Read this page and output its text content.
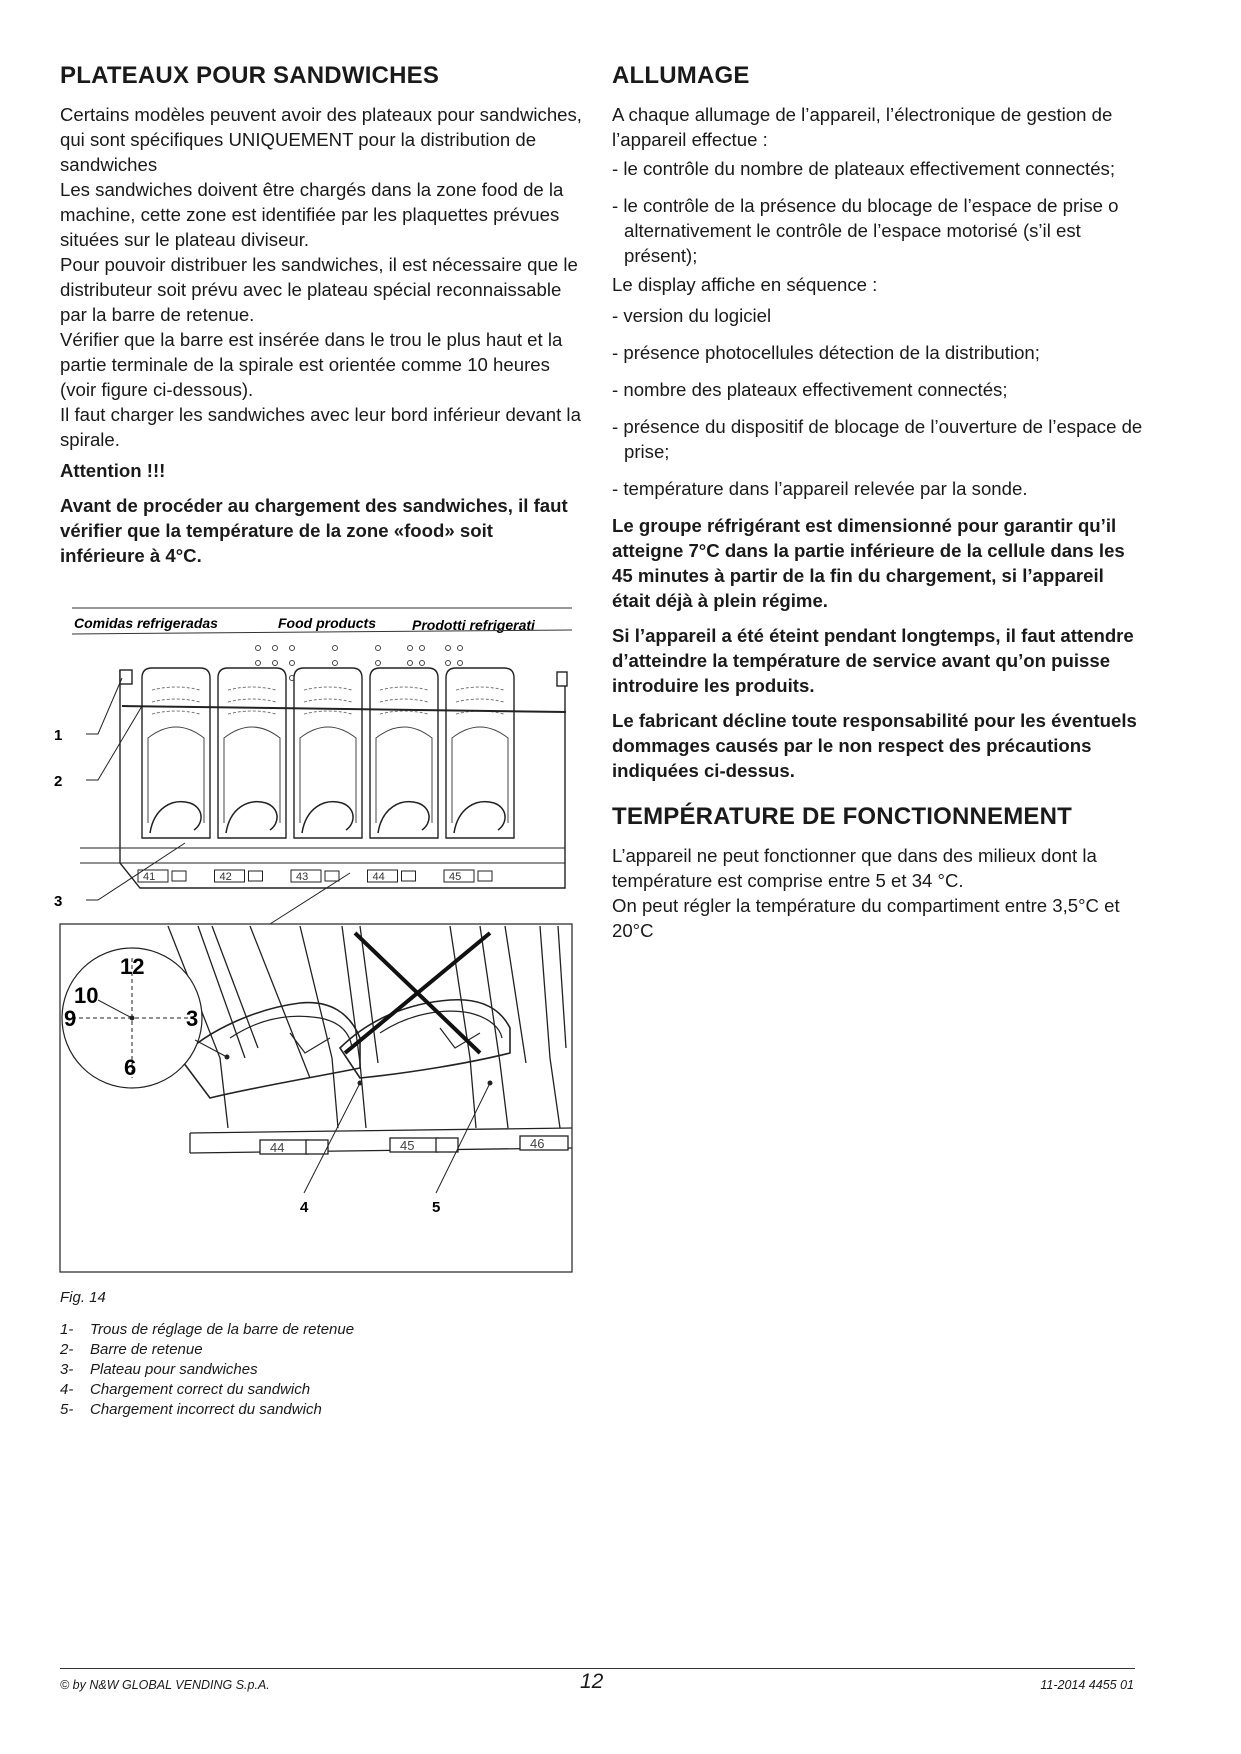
PLATEAUX POUR SANDWICHES

Certains modèles peuvent avoir des plateaux pour sandwiches, qui sont spécifiques UNIQUEMENT pour la distribution de sandwiches

Les sandwiches doivent être chargés dans la zone food de la machine, cette zone est identifiée par les plaquettes prévues situées sur le plateau diviseur.

Pour pouvoir distribuer les sandwiches, il est nécessaire que le distributeur soit prévu avec le plateau spécial reconnaissable par la barre de retenue.

Vérifier que la barre est insérée dans le trou le plus haut et la partie terminale de la spirale est orientée comme 10 heures (voir figure ci-dessous).

Il faut charger les sandwiches avec leur bord inférieur devant la spirale.

Attention !!!

Avant de procéder au chargement des sandwiches, il faut vérifier que la température de la zone «food» soit inférieure à 4°C.

Comidas refrigeradas	Food products	Prodotti refrigerati
41	42	43	44	45
1
2
3
44	45	46
12
10
9	3
6
4	5
Fig. 14
1-	Trous de réglage de la barre de retenue
2-	Barre de retenue
3-	Plateau pour sandwiches
4-	Chargement correct du sandwich
5-	Chargement incorrect du sandwich
ALLUMAGE

A chaque allumage de l’appareil, l’électronique de gestion de l’appareil effectue :

- le contrôle du nombre de plateaux effectivement connectés;
- le contrôle de la présence du blocage de l’espace de prise o alternativement le contrôle de l’espace motorisé (s’il est présent);

Le display affiche en séquence :

- version du logiciel
- présence photocellules détection de la distribution;
- nombre des plateaux effectivement connectés;
- présence du dispositif de blocage de l’ouverture de l’espace de prise;
- température dans l’appareil relevée par la sonde.

Le groupe réfrigérant est dimensionné pour garantir qu’il atteigne 7°C dans la partie inférieure de la cellule dans les 45 minutes à partir de la fin du chargement, si l’appareil était déjà à plein régime.

Si l’appareil a été éteint pendant longtemps, il faut attendre d’atteindre la température de service avant qu’on puisse introduire les produits.

Le fabricant décline toute responsabilité pour les éventuels dommages causés par le non respect des précautions indiquées ci-dessus.

TEMPÉRATURE DE FONCTIONNEMENT

L’appareil ne peut fonctionner que dans des milieux dont la température est comprise entre 5 et 34 °C.

On peut régler la température du compartiment entre 3,5°C et 20°C

© by N&W GLOBAL VENDING S.p.A.	12	11-2014 4455 01
